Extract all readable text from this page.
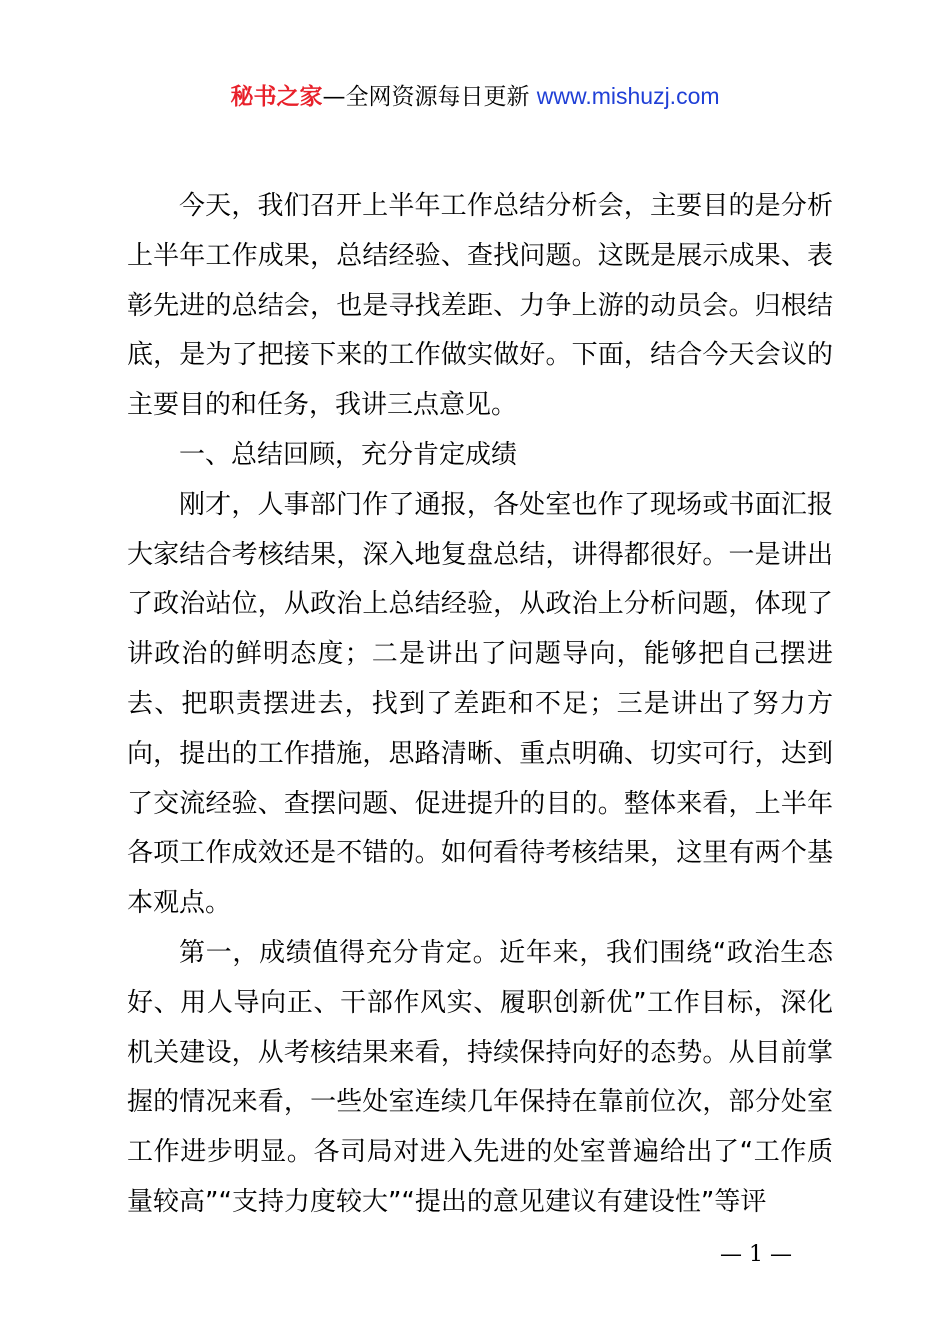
秘书之家—全网资源每日更新 www.mishuzj.com

今天，我们召开上半年工作总结分析会，主要目的是分析上半年工作成果，总结经验、查找问题。这既是展示成果、表彰先进的总结会，也是寻找差距、力争上游的动员会。归根结底，是为了把接下来的工作做实做好。下面，结合今天会议的主要目的和任务，我讲三点意见。

一、总结回顾，充分肯定成绩

刚才，人事部门作了通报，各处室也作了现场或书面汇报大家结合考核结果，深入地复盘总结，讲得都很好。一是讲出了政治站位，从政治上总结经验，从政治上分析问题，体现了讲政治的鲜明态度；二是讲出了问题导向，能够把自己摆进去、把职责摆进去，找到了差距和不足；三是讲出了努力方向，提出的工作措施，思路清晰、重点明确、切实可行，达到了交流经验、查摆问题、促进提升的目的。整体来看，上半年各项工作成效还是不错的。如何看待考核结果，这里有两个基本观点。

第一，成绩值得充分肯定。近年来，我们围绕“政治生态好、用人导向正、干部作风实、履职创新优”工作目标，深化机关建设，从考核结果来看，持续保持向好的态势。从目前掌握的情况来看，一些处室连续几年保持在靠前位次，部分处室工作进步明显。各司局对进入先进的处室普遍给出了“工作质量较高”“支持力度较大”“提出的意见建议有建设性”等评

— 1 —
